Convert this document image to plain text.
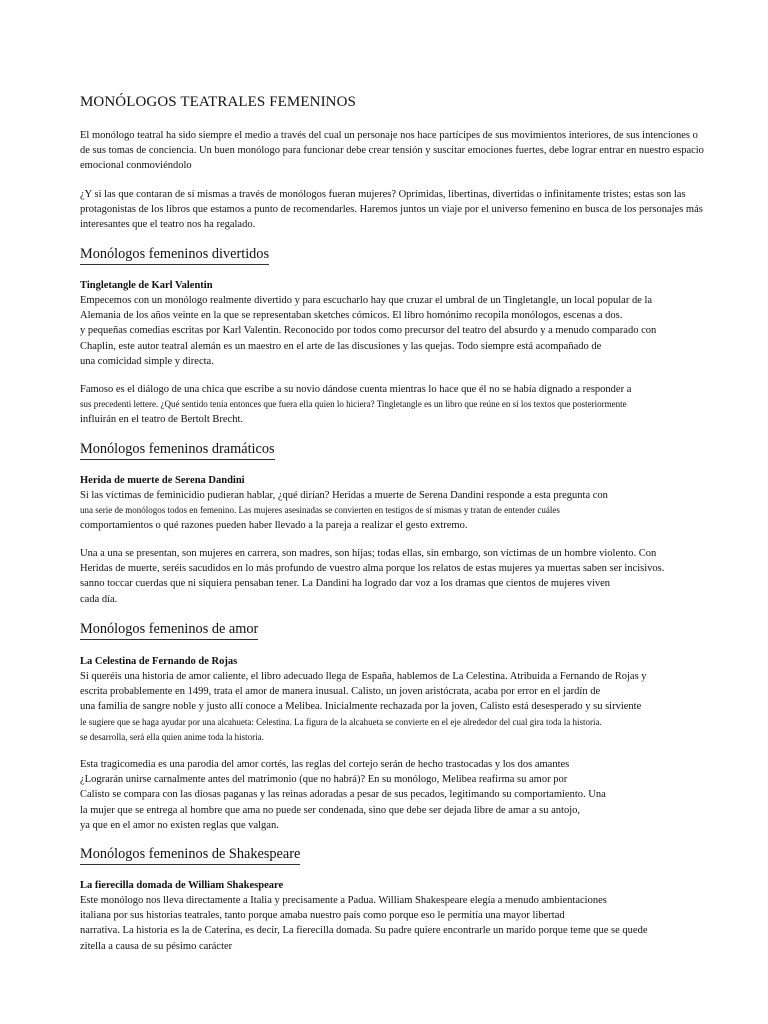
MONÓLOGOS TEATRALES FEMENINOS

El monólogo teatral ha sido siempre el medio a través del cual un personaje nos hace partícipes de sus movimientos interiores, de sus intenciones o de sus tomas de conciencia. Un buen monólogo para funcionar debe crear tensión y suscitar emociones fuertes, debe lograr entrar en nuestro espacio emocional conmoviéndolo

¿Y si las que contaran de sí mismas a través de monólogos fueran mujeres? Oprimidas, libertinas, divertidas o infinitamente tristes; estas son las protagonistas de los libros que estamos a punto de recomendarles. Haremos juntos un viaje por el universo femenino en busca de los personajes más interesantes que el teatro nos ha regalado.

Monólogos femeninos divertidos

Tingletangle de Karl Valentin

Empecemos con un monólogo realmente divertido y para escucharlo hay que cruzar el umbral de un Tingletangle, un local popular de la
Alemania de los años veinte en la que se representaban sketches cómicos. El libro homónimo recopila monólogos, escenas a dos.
y pequeñas comedias escritas por Karl Valentin. Reconocido por todos como precursor del teatro del absurdo y a menudo comparado con
Chaplin, este autor teatral alemán es un maestro en el arte de las discusiones y las quejas. Todo siempre está acompañado de
una comicidad simple y directa.

Famoso es el diálogo de una chica que escribe a su novio dándose cuenta mientras lo hace que él no se había dignado a responder a
sus precedenti lettere. ¿Qué sentido tenía entonces que fuera ella quien lo hiciera? Tingletangle es un libro que reúne en sí los textos que posteriormente
influirán en el teatro de Bertolt Brecht.

Monólogos femeninos dramáticos

Herida de muerte de Serena Dandini

Si las víctimas de feminicidio pudieran hablar, ¿qué dirían? Heridas a muerte de Serena Dandini responde a esta pregunta con
una serie de monólogos todos en femenino. Las mujeres asesinadas se convierten en testigos de sí mismas y tratan de entender cuáles
comportamientos o qué razones pueden haber llevado a la pareja a realizar el gesto extremo.

Una a una se presentan, son mujeres en carrera, son madres, son hijas; todas ellas, sin embargo, son víctimas de un hombre violento. Con
Heridas de muerte, seréis sacudidos en lo más profundo de vuestro alma porque los relatos de estas mujeres ya muertas saben ser incisivos.
sanno toccar cuerdas que ni siquiera pensaban tener. La Dandini ha logrado dar voz a los dramas que cientos de mujeres viven
cada día.

Monólogos femeninos de amor

La Celestina de Fernando de Rojas

Si queréis una historia de amor caliente, el libro adecuado llega de España, hablemos de La Celestina. Atribuida a Fernando de Rojas y
escrita probablemente en 1499, trata el amor de manera inusual. Calisto, un joven aristócrata, acaba por error en el jardín de
una familia de sangre noble y justo allí conoce a Melibea. Inicialmente rechazada por la joven, Calisto está desesperado y su sirviente
le sugiere que se haga ayudar por una alcahueta: Celestina. La figura de la alcahueta se convierte en el eje alrededor del cual gira toda la historia.
se desarrolla, será ella quien anime toda la historia.

Esta tragicomedia es una parodia del amor cortés, las reglas del cortejo serán de hecho trastocadas y los dos amantes
¿Lograrán unirse carnalmente antes del matrimonio (que no habrá)? En su monólogo, Melibea reafirma su amor por
Calisto se compara con las diosas paganas y las reinas adoradas a pesar de sus pecados, legitimando su comportamiento. Una
la mujer que se entrega al hombre que ama no puede ser condenada, sino que debe ser dejada libre de amar a su antojo,
ya que en el amor no existen reglas que valgan.

Monólogos femeninos de Shakespeare

La fierecilla domada de William Shakespeare

Este monólogo nos lleva directamente a Italia y precisamente a Padua. William Shakespeare elegía a menudo ambientaciones
italiana por sus historias teatrales, tanto porque amaba nuestro país como porque eso le permitía una mayor libertad
narrativa. La historia es la de Caterina, es decir, La fierecilla domada. Su padre quiere encontrarle un marido porque teme que se quede
zitella a causa de su pésimo carácter
